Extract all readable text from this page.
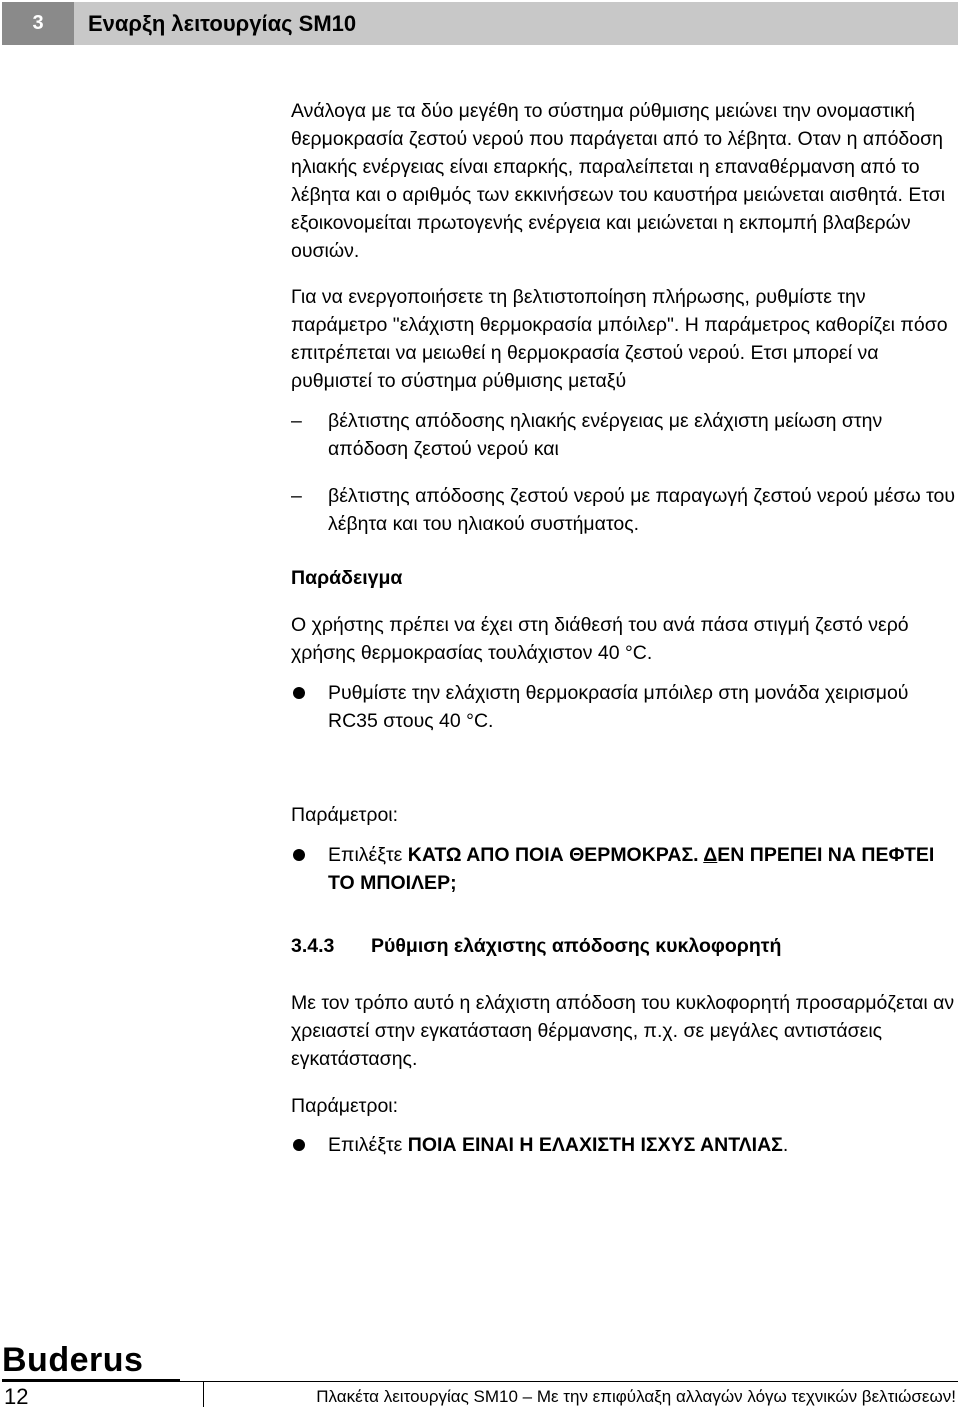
3	Εναρξη λειτουργίας SM10

Ανάλογα με τα δύο μεγέθη το σύστημα ρύθμισης μειώνει την ονομαστική θερμοκρασία ζεστού νερού που παράγεται από το λέβητα. Οταν η απόδοση ηλιακής ενέργειας είναι επαρκής, παραλείπεται η επαναθέρμανση από το λέβητα και ο αριθμός των εκκινήσεων του καυστήρα μειώνεται αισθητά. Ετσι εξοικονομείται πρωτογενής ενέργεια και μειώνεται η εκπομπή βλαβερών ουσιών.

Για να ενεργοποιήσετε τη βελτιστοποίηση πλήρωσης, ρυθμίστε την παράμετρο "ελάχιστη θερμοκρασία μπόιλερ". Η παράμετρος καθορίζει πόσο επιτρέπεται να μειωθεί η θερμοκρασία ζεστού νερού. Ετσι μπορεί να ρυθμιστεί το σύστημα ρύθμισης μεταξύ

– βέλτιστης απόδοσης ηλιακής ενέργειας με ελάχιστη μείωση στην απόδοση ζεστού νερού και
– βέλτιστης απόδοσης ζεστού νερού με παραγωγή ζεστού νερού μέσω του λέβητα και του ηλιακού συστήματος.
Παράδειγμα

Ο χρήστης πρέπει να έχει στη διάθεσή του ανά πάσα στιγμή ζεστό νερό χρήσης θερμοκρασίας τουλάχιστον 40 °C.

Ρυθμίστε την ελάχιστη θερμοκρασία μπόιλερ στη μονάδα χειρισμού RC35 στους 40 °C.
Παράμετροι:
Επιλέξτε ΚΑΤΩ ΑΠΟ ΠΟΙΑ ΘΕΡΜΟΚΡΑΣ. ΔΕΝ ΠΡΕΠΕΙ ΝΑ ΠΕΦΤΕΙ ΤΟ ΜΠΟΙΛΕΡ;
3.4.3 Ρύθμιση ελάχιστης απόδοσης κυκλοφορητή

Με τον τρόπο αυτό η ελάχιστη απόδοση του κυκλοφορητή προσαρμόζεται αν χρειαστεί στην εγκατάσταση θέρμανσης, π.χ. σε μεγάλες αντιστάσεις εγκατάστασης.

Παράμετροι:
Επιλέξτε ΠΟΙΑ ΕΙΝΑΙ Η ΕΛΑΧΙΣΤΗ ΙΣΧΥΣ ΑΝΤΛΙΑΣ.
Buderus
12	Πλακέτα λειτουργίας SM10 – Με την επιφύλαξη αλλαγών λόγω τεχνικών βελτιώσεων!
